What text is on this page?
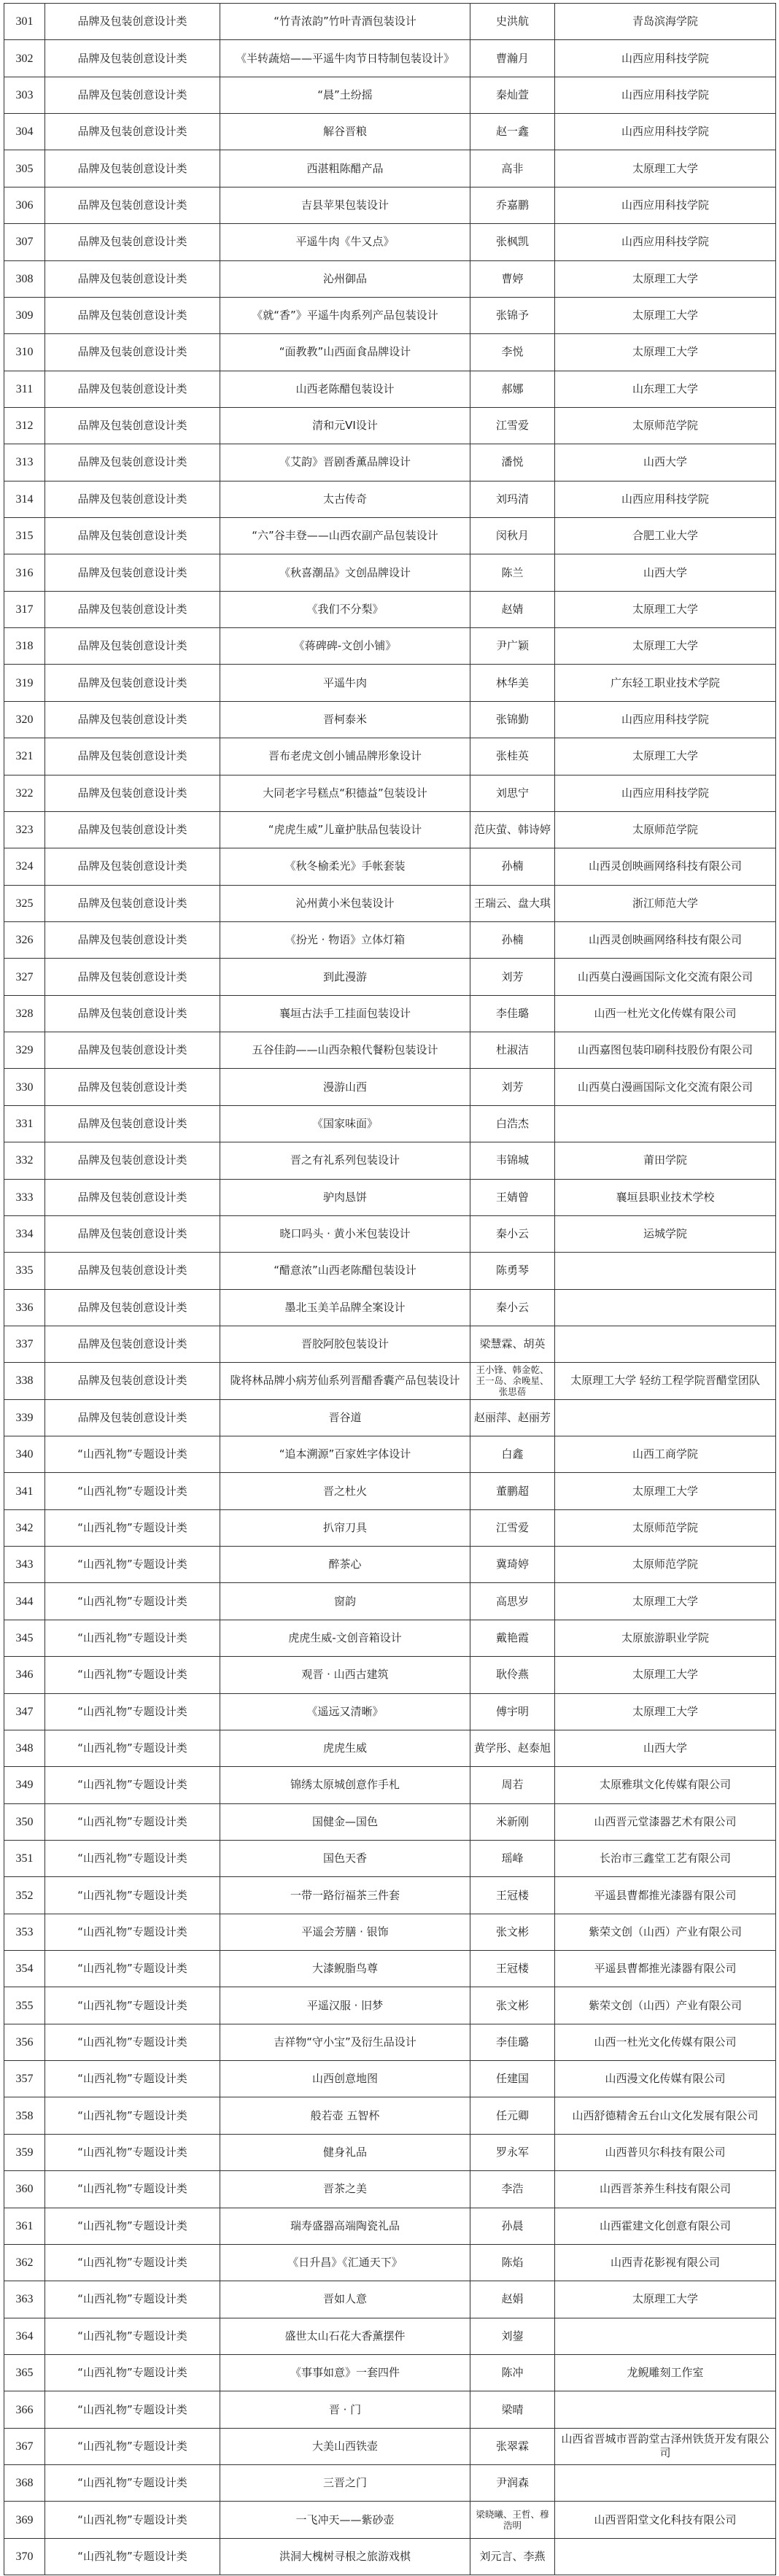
301	品牌及包装创意设计类	“竹青浓韵”竹叶青酒包装设计	史洪航	青岛滨海学院
302	品牌及包装创意设计类	《半转蔬焙——平遥牛肉节日特制包装设计》	曹瀚月	山西应用科技学院
303	品牌及包装创意设计类	“晨”土纷摇	秦灿萱	山西应用科技学院
304	品牌及包装创意设计类	解谷晋粮	赵一鑫	山西应用科技学院
305	品牌及包装创意设计类	西湛粗陈醋产品	高非	太原理工大学
306	品牌及包装创意设计类	吉县苹果包装设计	乔嘉鹏	山西应用科技学院
307	品牌及包装创意设计类	平遥牛肉《牛又点》	张枫凯	山西应用科技学院
308	品牌及包装创意设计类	沁州御品	曹婷	太原理工大学
309	品牌及包装创意设计类	《就“香”》平遥牛肉系列产品包装设计	张锦予	太原理工大学
310	品牌及包装创意设计类	“面教教”山西面食品牌设计	李悦	太原理工大学
311	品牌及包装创意设计类	山西老陈醋包装设计	郝娜	山东理工大学
312	品牌及包装创意设计类	清和元VI设计	江雪爱	太原师范学院
313	品牌及包装创意设计类	《艾韵》晋剧香薰品牌设计	潘悦	山西大学
314	品牌及包装创意设计类	太古传奇	刘玛清	山西应用科技学院
315	品牌及包装创意设计类	“六”谷丰登——山西农副产品包装设计	闵秋月	合肥工业大学
316	品牌及包装创意设计类	《秋喜潮品》文创品牌设计	陈兰	山西大学
317	品牌及包装创意设计类	《我们不分梨》	赵婧	太原理工大学
318	品牌及包装创意设计类	《蒋碑碑-文创小铺》	尹广颖	太原理工大学
319	品牌及包装创意设计类	平遥牛肉	林华美	广东轻工职业技术学院
320	品牌及包装创意设计类	晋柯泰米	张锦勤	山西应用科技学院
321	品牌及包装创意设计类	晋布老虎文创小铺品牌形象设计	张桂英	太原理工大学
322	品牌及包装创意设计类	大同老字号糕点“积德益”包装设计	刘思宁	山西应用科技学院
323	品牌及包装创意设计类	“虎虎生威”儿童护肤品包装设计	范庆萤、韩诗婷	太原师范学院
324	品牌及包装创意设计类	《秋冬榆柔光》手帐套装	孙楠	山西灵创映画网络科技有限公司
325	品牌及包装创意设计类	沁州黄小米包装设计	王瑞云、盘大琪	浙江师范大学
326	品牌及包装创意设计类	《扮光 · 物语》立体灯箱	孙楠	山西灵创映画网络科技有限公司
327	品牌及包装创意设计类	到此漫游	刘芳	山西莫白漫画国际文化交流有限公司
328	品牌及包装创意设计类	襄垣古法手工挂面包装设计	李佳璐	山西一杜光文化传媒有限公司
329	品牌及包装创意设计类	五谷佳韵——山西杂粮代餐粉包装设计	杜淑洁	山西嘉图包装印刷科技股份有限公司
330	品牌及包装创意设计类	漫游山西	刘芳	山西莫白漫画国际文化交流有限公司
331	品牌及包装创意设计类	《国家味面》	白浩杰	
332	品牌及包装创意设计类	晋之有礼系列包装设计	韦锦城	莆田学院
333	品牌及包装创意设计类	驴肉恳饼	王婧曾	襄垣县职业技术学校
334	品牌及包装创意设计类	晓口吗头 · 黄小米包装设计	秦小云	运城学院
335	品牌及包装创意设计类	“醋意浓”山西老陈醋包装设计	陈勇琴	
336	品牌及包装创意设计类	墨北玉美羊品牌全案设计	秦小云	
337	品牌及包装创意设计类	晋胶阿胶包装设计	梁慧霖、胡英	
338	品牌及包装创意设计类	陇将林品牌小病芳仙系列晋醋香囊产品包装设计	王小锋、韩金乾、王一岛、余晚星、张思蓓	太原理工大学 轻纺工程学院晋醋堂团队
339	品牌及包装创意设计类	晋谷道	赵丽萍、赵丽芳	
340	“山西礼物”专题设计类	“追本溯源”百家姓字体设计	白鑫	山西工商学院
341	“山西礼物”专题设计类	晋之杜火	董鹏超	太原理工大学
342	“山西礼物”专题设计类	扒帘刀具	江雪爱	太原师范学院
343	“山西礼物”专题设计类	醉茶心	冀琦婷	太原师范学院
344	“山西礼物”专题设计类	窗韵	高思岁	太原理工大学
345	“山西礼物”专题设计类	虎虎生威-文创音箱设计	戴艳霞	太原旅游职业学院
346	“山西礼物”专题设计类	观晋 · 山西古建筑	耿伶燕	太原理工大学
347	“山西礼物”专题设计类	《遥远又清晰》	傅宇明	太原理工大学
348	“山西礼物”专题设计类	虎虎生威	黄学彤、赵泰旭	山西大学
349	“山西礼物”专题设计类	锦绣太原城创意作手札	周若	太原雅琪文化传媒有限公司
350	“山西礼物”专题设计类	国健金—国色	米新刚	山西晋元堂漆器艺术有限公司
351	“山西礼物”专题设计类	国色天香	瑶峰	长治市三鑫堂工艺有限公司
352	“山西礼物”专题设计类	一带一路衍福茶三件套	王冠楼	平遥县曹都推光漆器有限公司
353	“山西礼物”专题设计类	平遥会芳膳 · 银饰	张文彬	紫荣文创（山西）产业有限公司
354	“山西礼物”专题设计类	大漆鲵脂鸟尊	王冠楼	平遥县曹都推光漆器有限公司
355	“山西礼物”专题设计类	平遥汉服 · 旧梦	张文彬	紫荣文创（山西）产业有限公司
356	“山西礼物”专题设计类	吉祥物“守小宝”及衍生品设计	李佳璐	山西一杜光文化传媒有限公司
357	“山西礼物”专题设计类	山西创意地图	任建国	山西漫文化传媒有限公司
358	“山西礼物”专题设计类	般若壶 五智杯	任元卿	山西舒德精舍五台山文化发展有限公司
359	“山西礼物”专题设计类	健身礼品	罗永军	山西普贝尔科技有限公司
360	“山西礼物”专题设计类	晋茶之美	李浩	山西晋茶养生科技有限公司
361	“山西礼物”专题设计类	瑞寿盛器高端陶瓷礼品	孙晨	山西霍建文化创意有限公司
362	“山西礼物”专题设计类	《日升昌》《汇通天下》	陈焰	山西青花影视有限公司
363	“山西礼物”专题设计类	晋如人意	赵娟	太原理工大学
364	“山西礼物”专题设计类	盛世太山石花大香薰摆件	刘鋆	
365	“山西礼物”专题设计类	《事事如意》一套四件	陈冲	龙鲵雕刻工作室
366	“山西礼物”专题设计类	晋 · 门	梁晴	
367	“山西礼物”专题设计类	大美山西铁壶	张翠霖	山西省晋城市晋韵堂古泽州铁货开发有限公司
368	“山西礼物”专题设计类	三晋之门	尹润森	
369	“山西礼物”专题设计类	一飞冲天——紫砂壶	梁晓曦、王哲、穆浩明	山西晋阳堂文化科技有限公司
370	“山西礼物”专题设计类	洪洞大槐树寻根之旅游戏棋	刘元言、李燕	
